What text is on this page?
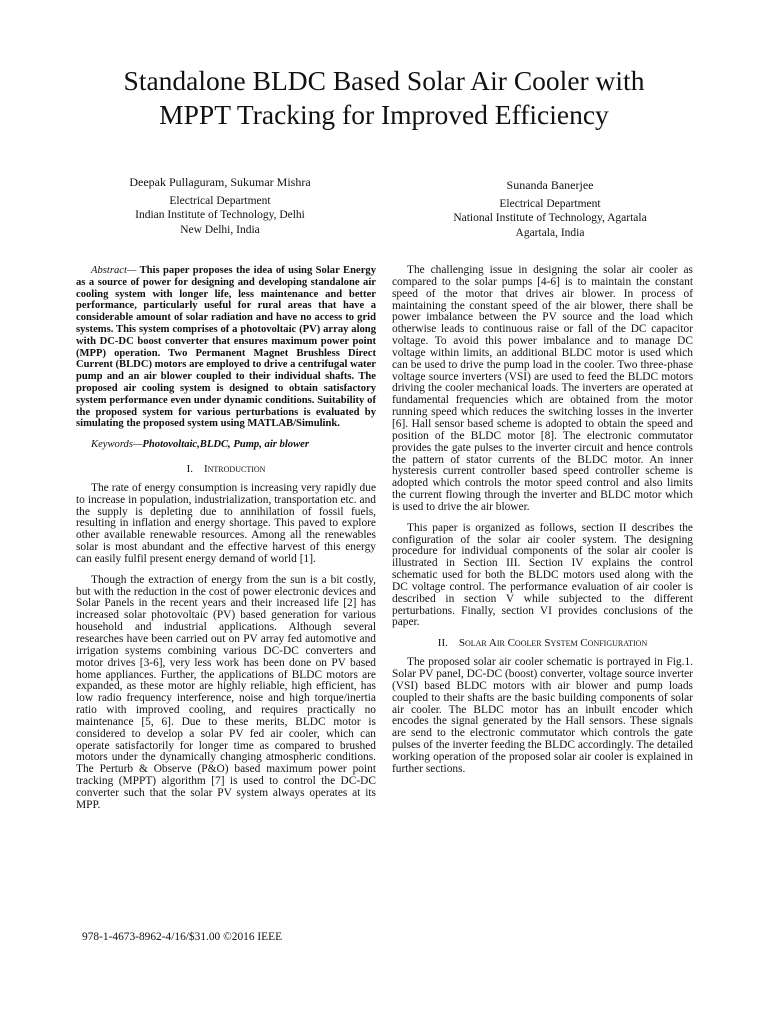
Standalone BLDC Based Solar Air Cooler with
MPPT Tracking for Improved Efficiency
Deepak Pullaguram, Sukumar Mishra
Electrical Department
Indian Institute of Technology, Delhi
New Delhi, India
Sunanda Banerjee
Electrical Department
National Institute of Technology, Agartala
Agartala, India

Abstract— This paper proposes the idea of using Solar Energy as a source of power for designing and developing standalone air cooling system with longer life, less maintenance and better performance, particularly useful for rural areas that have a considerable amount of solar radiation and have no access to grid systems. This system comprises of a photovoltaic (PV) array along with DC-DC boost converter that ensures maximum power point (MPP) operation. Two Permanent Magnet Brushless Direct Current (BLDC) motors are employed to drive a centrifugal water pump and an air blower coupled to their individual shafts. The proposed air cooling system is designed to obtain satisfactory system performance even under dynamic conditions. Suitability of the proposed system for various perturbations is evaluated by simulating the proposed system using MATLAB/Simulink.

Keywords—Photovoltaic,BLDC, Pump, air blower

I. Introduction

The rate of energy consumption is increasing very rapidly due to increase in population, industrialization, transportation etc. and the supply is depleting due to annihilation of fossil fuels, resulting in inflation and energy shortage. This paved to explore other available renewable resources. Among all the renewables solar is most abundant and the effective harvest of this energy can easily fulfil present energy demand of world [1].

Though the extraction of energy from the sun is a bit costly, but with the reduction in the cost of power electronic devices and Solar Panels in the recent years and their increased life [2] has increased solar photovoltaic (PV) based generation for various household and industrial applications. Although several researches have been carried out on PV array fed automotive and irrigation systems combining various DC-DC converters and motor drives [3-6], very less work has been done on PV based home appliances. Further, the applications of BLDC motors are expanded, as these motor are highly reliable, high efficient, has low radio frequency interference, noise and high torque/inertia ratio with improved cooling, and requires practically no maintenance [5, 6]. Due to these merits, BLDC motor is considered to develop a solar PV fed air cooler, which can operate satisfactorily for longer time as compared to brushed motors under the dynamically changing atmospheric conditions. The Perturb & Observe (P&O) based maximum power point tracking (MPPT) algorithm [7] is used to control the DC-DC converter such that the solar PV system always operates at its MPP.

The challenging issue in designing the solar air cooler as compared to the solar pumps [4-6] is to maintain the constant speed of the motor that drives air blower. In process of maintaining the constant speed of the air blower, there shall be power imbalance between the PV source and the load which otherwise leads to continuous raise or fall of the DC capacitor voltage. To avoid this power imbalance and to manage DC voltage within limits, an additional BLDC motor is used which can be used to drive the pump load in the cooler. Two three-phase voltage source inverters (VSI) are used to feed the BLDC motors driving the cooler mechanical loads. The inverters are operated at fundamental frequencies which are obtained from the motor running speed which reduces the switching losses in the inverter [6]. Hall sensor based scheme is adopted to obtain the speed and position of the BLDC motor [8]. The electronic commutator provides the gate pulses to the inverter circuit and hence controls the pattern of stator currents of the BLDC motor. An inner hysteresis current controller based speed controller scheme is adopted which controls the motor speed control and also limits the current flowing through the inverter and BLDC motor which is used to drive the air blower.

This paper is organized as follows, section II describes the configuration of the solar air cooler system. The designing procedure for individual components of the solar air cooler is illustrated in Section III. Section IV explains the control schematic used for both the BLDC motors used along with the DC voltage control. The performance evaluation of air cooler is described in section V while subjected to the different perturbations. Finally, section VI provides conclusions of the paper.

II. Solar Air Cooler System Configuration

The proposed solar air cooler schematic is portrayed in Fig.1. Solar PV panel, DC-DC (boost) converter, voltage source inverter (VSI) based BLDC motors with air blower and pump loads coupled to their shafts are the basic building components of solar air cooler. The BLDC motor has an inbuilt encoder which encodes the signal generated by the Hall sensors. These signals are send to the electronic commutator which controls the gate pulses of the inverter feeding the BLDC accordingly. The detailed working operation of the proposed solar air cooler is explained in further sections.

978-1-4673-8962-4/16/$31.00 ©2016 IEEE
